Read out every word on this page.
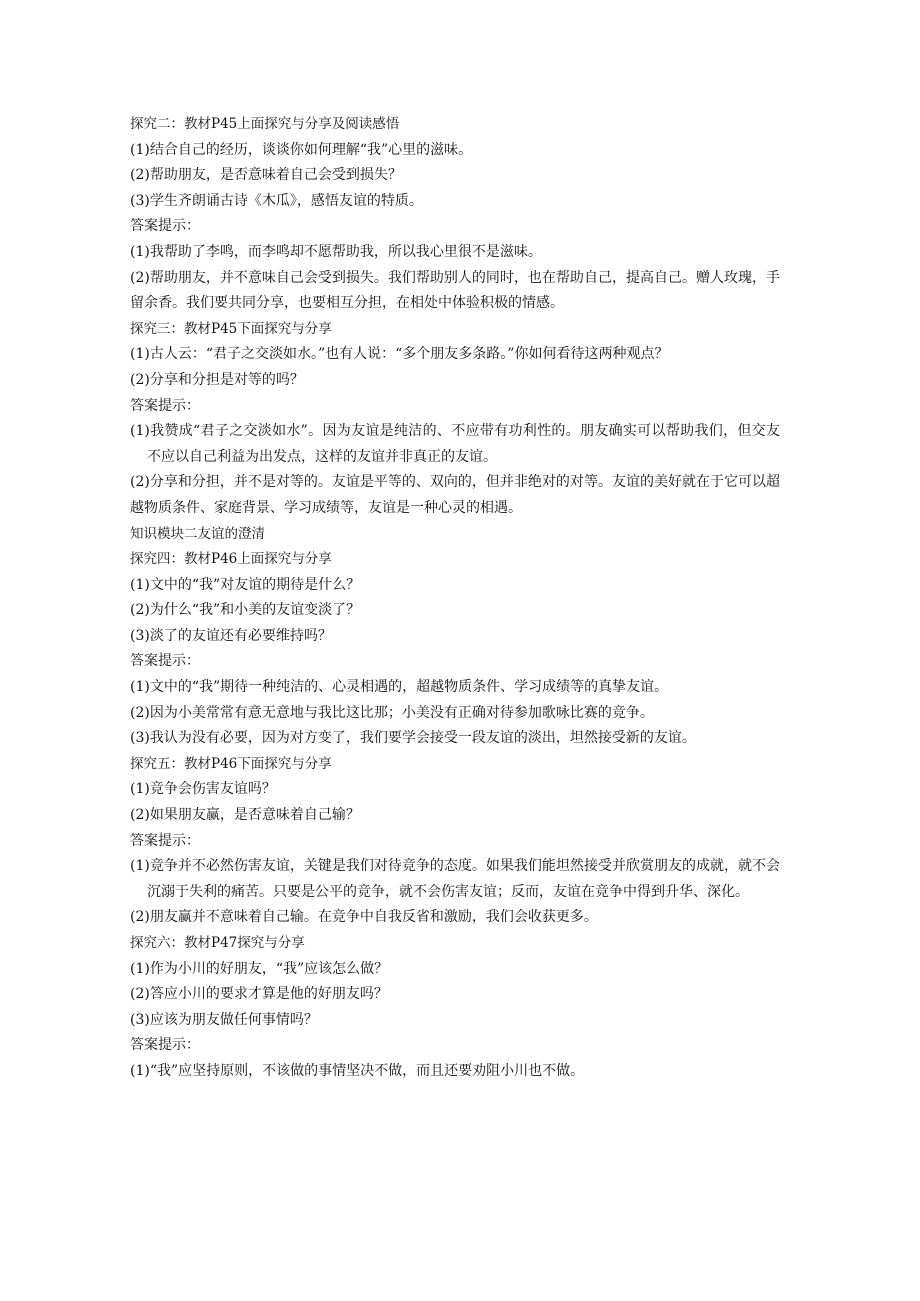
探究二：教材P45上面探究与分享及阅读感悟
(1)结合自己的经历，谈谈你如何理解“我”心里的滋味。
(2)帮助朋友，是否意味着自己会受到损失？
(3)学生齐朗诵古诗《木瓜》，感悟友谊的特质。
答案提示：
(1)我帮助了李鸣，而李鸣却不愿帮助我，所以我心里很不是滋味。
(2)帮助朋友，并不意味自己会受到损失。我们帮助别人的同时，也在帮助自己，提高自己。赠人玫瑰，手留余香。我们要共同分享，也要相互分担，在相处中体验积极的情感。
探究三：教材P45下面探究与分享
(1)古人云：“君子之交淡如水。”也有人说：“多个朋友多条路。”你如何看待这两种观点？
(2)分享和分担是对等的吗？
答案提示：
(1)我赞成“君子之交淡如水”。因为友谊是纯洁的、不应带有功利性的。朋友确实可以帮助我们，但交友不应以自己利益为出发点，这样的友谊并非真正的友谊。
(2)分享和分担，并不是对等的。友谊是平等的、双向的，但并非绝对的对等。友谊的美好就在于它可以超越物质条件、家庭背景、学习成绩等，友谊是一种心灵的相遇。
知识模块二友谊的澄清
探究四：教材P46上面探究与分享
(1)文中的“我”对友谊的期待是什么？
(2)为什么“我”和小美的友谊变淡了？
(3)淡了的友谊还有必要维持吗？
答案提示：
(1)文中的“我”期待一种纯洁的、心灵相遇的，超越物质条件、学习成绩等的真挚友谊。
(2)因为小美常常有意无意地与我比这比那；小美没有正确对待参加歌咏比赛的竞争。
(3)我认为没有必要，因为对方变了，我们要学会接受一段友谊的淡出，坦然接受新的友谊。
探究五：教材P46下面探究与分享
(1)竞争会伤害友谊吗？
(2)如果朋友赢，是否意味着自己输？
答案提示：
(1)竞争并不必然伤害友谊，关键是我们对待竞争的态度。如果我们能坦然接受并欣赏朋友的成就，就不会沉溺于失利的痛苦。只要是公平的竞争，就不会伤害友谊；反而，友谊在竞争中得到升华、深化。
(2)朋友赢并不意味着自己输。在竞争中自我反省和激励，我们会收获更多。
探究六：教材P47探究与分享
(1)作为小川的好朋友，“我”应该怎么做？
(2)答应小川的要求才算是他的好朋友吗？
(3)应该为朋友做任何事情吗？
答案提示：
(1)“我”应坚持原则，不该做的事情坚决不做，而且还要劝阻小川也不做。
